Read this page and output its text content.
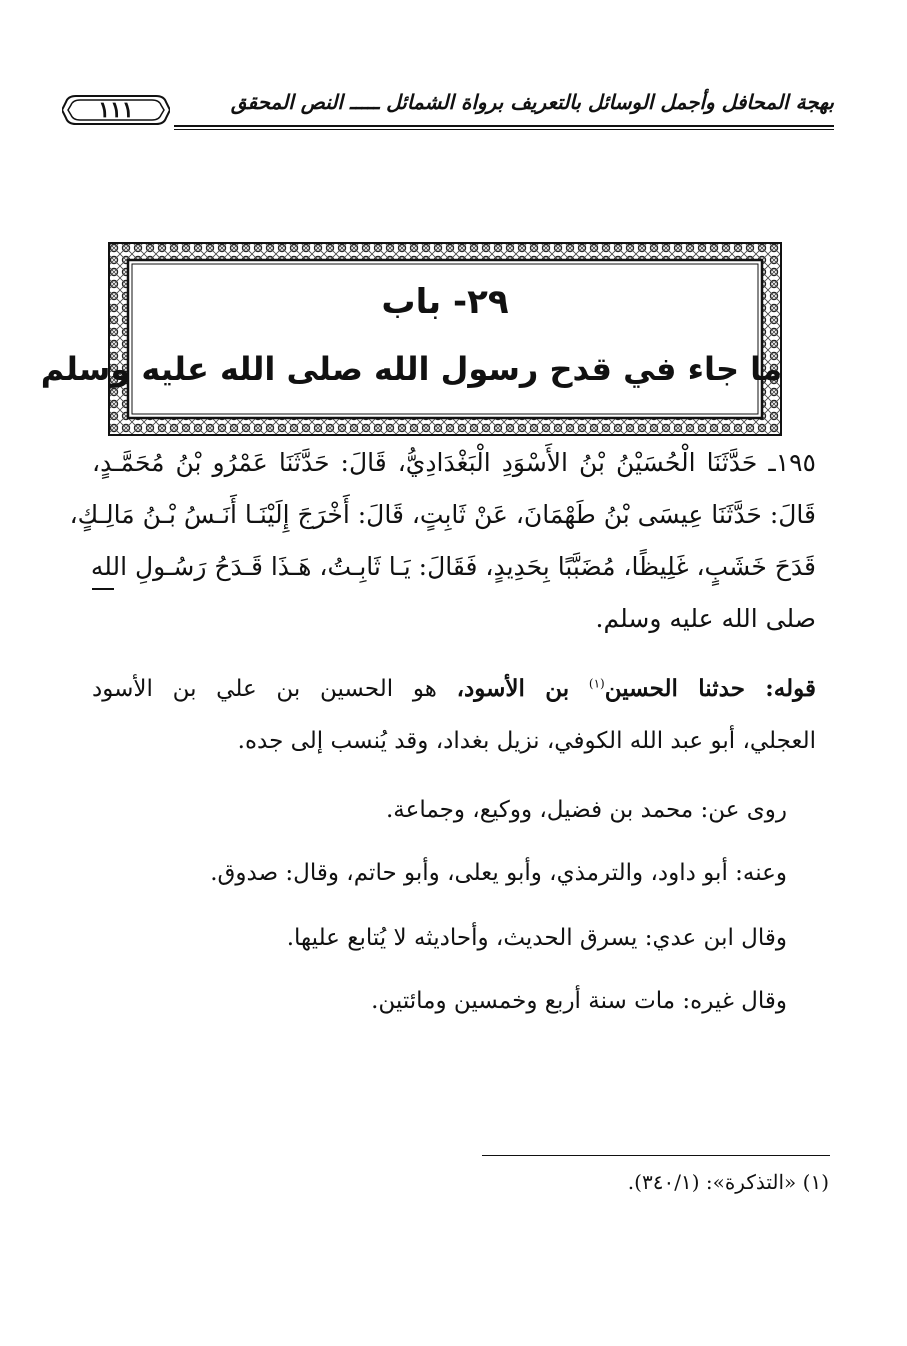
بهجة المحافل وأجمل الوسائل بالتعريف برواة الشمائل ـــــ النص المحقق
١١١
٢٩- باب
ما جاء في قدح رسول الله صلى الله عليه وسلم
١٩٥ـ حَدَّثَنَا الْحُسَيْنُ بْنُ الأَسْوَدِ الْبَغْدَادِيُّ، قَالَ: حَدَّثَنَا عَمْرُو بْنُ مُحَمَّـدٍ،
قَالَ: حَدَّثَنَا عِيسَى بْنُ طَهْمَانَ، عَنْ ثَابِتٍ، قَالَ: أَخْرَجَ إِلَيْنَـا أَنَـسُ بْـنُ مَالِـكٍ،
قَدَحَ خَشَبٍ، غَلِيظًا، مُضَبَّبًا بِحَدِيدٍ، فَقَالَ: يَـا ثَابِـتُ، هَـذَا قَـدَحُ رَسُـولِ الله
صلى الله عليه وسلم.
قوله: حدثنا الحسين$^{(١)}$ بن الأسود، هو الحسين بن علي بن الأسود
العجلي، أبو عبد الله الكوفي، نزيل بغداد، وقد يُنسب إلى جده.
روى عن: محمد بن فضيل، ووكيع، وجماعة.
وعنه: أبو داود، والترمذي، وأبو يعلى، وأبو حاتم، وقال: صدوق.
وقال ابن عدي: يسرق الحديث، وأحاديثه لا يُتابع عليها.
وقال غيره: مات سنة أربع وخمسين ومائتين.
(١) «التذكرة»: (٣٤٠/١).
